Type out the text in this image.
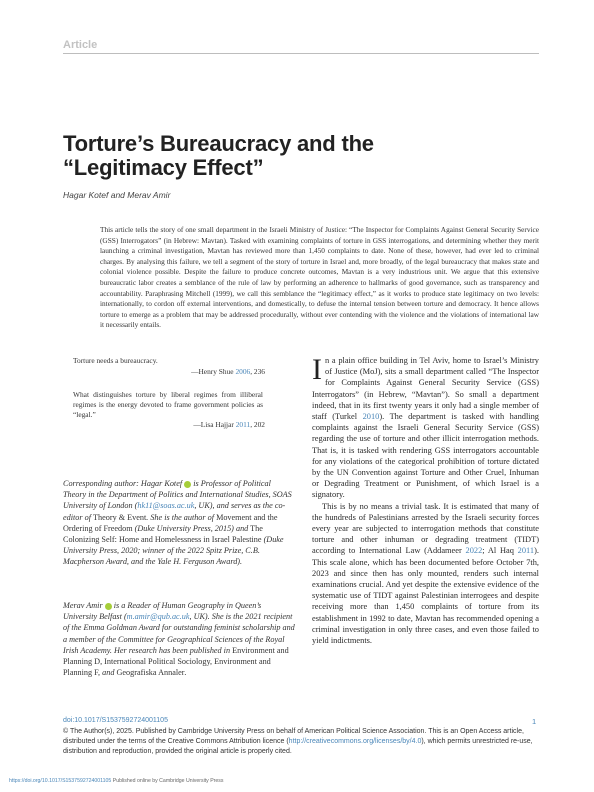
Article
Torture’s Bureaucracy and the “Legitimacy Effect”
Hagar Kotef and Merav Amir
This article tells the story of one small department in the Israeli Ministry of Justice: “The Inspector for Complaints Against General Security Service (GSS) Interrogators” (in Hebrew: Mavtan). Tasked with examining complaints of torture in GSS interrogations, and determining whether they merit launching a criminal investigation, Mavtan has reviewed more than 1,450 complaints to date. None of these, however, had ever led to criminal charges. By analysing this failure, we tell a segment of the story of torture in Israel and, more broadly, of the legal bureaucracy that makes state and colonial violence possible. Despite the failure to produce concrete outcomes, Mavtan is a very industrious unit. We argue that this extensive bureaucratic labor creates a semblance of the rule of law by performing an adherence to hallmarks of good governance, such as transparency and accountability. Paraphrasing Mitchell (1999), we call this semblance the “legitimacy effect,” as it works to produce state legitimacy on two levels: internationally, to cordon off external interventions, and domestically, to defuse the internal tension between torture and democracy. It hence allows torture to emerge as a problem that may be addressed procedurally, without ever contending with the violence and the violations of international law it necessarily entails.
Torture needs a bureaucracy.
—Henry Shue 2006, 236
What distinguishes torture by liberal regimes from illiberal regimes is the energy devoted to frame government policies as “legal.”
—Lisa Hajjar 2011, 202
Corresponding author: Hagar Kotef  is Professor of Political Theory in the Department of Politics and International Studies, SOAS University of London (hk11@soas.ac.uk, UK), and serves as the co-editor of Theory & Event. She is the author of Movement and the Ordering of Freedom (Duke University Press, 2015) and The Colonizing Self: Home and Homelessness in Israel Palestine (Duke University Press, 2020; winner of the 2022 Spitz Prize, C.B. Macpherson Award, and the Yale H. Ferguson Award).
Merav Amir  is a Reader of Human Geography in Queen’s University Belfast (m.amir@qub.ac.uk, UK). She is the 2021 recipient of the Emma Goldman Award for outstanding feminist scholarship and a member of the Committee for Geographical Sciences of the Royal Irish Academy. Her research has been published in Environment and Planning D, International Political Sociology, Environment and Planning F, and Geografiska Annaler.

In a plain office building in Tel Aviv, home to Israel’s Ministry of Justice (MoJ), sits a small department called “The Inspector for Complaints Against General Security Service (GSS) Interrogators” (in Hebrew, “Mavtan”). So small a department indeed, that in its first twenty years it only had a single member of staff (Turkel 2010). The department is tasked with handling complaints against the Israeli General Security Service (GSS) regarding the use of torture and other illicit interrogation methods. That is, it is tasked with rendering GSS interrogators accountable for any violations of the categorical prohibition of torture dictated by the UN Convention against Torture and Other Cruel, Inhuman or Degrading Treatment or Punishment, of which Israel is a signatory.

This is by no means a trivial task. It is estimated that many of the hundreds of Palestinians arrested by the Israeli security forces every year are subjected to interrogation methods that constitute torture and other inhuman or degrading treatment (TIDT) according to International Law (Addameer 2022; Al Haq 2011). This scale alone, which has been documented before October 7th, 2023 and since then has only mounted, renders such internal examinations crucial. And yet despite the extensive evidence of the systematic use of TIDT against Palestinian interrogees and despite receiving more than 1,450 complaints of torture from its establishment in 1992 to date, Mavtan has recommended opening a criminal investigation in only three cases, and even those failed to yield indictments.

doi:10.1017/S1537592724001105	1
© The Author(s), 2025. Published by Cambridge University Press on behalf of American Political Science Association. This is an Open Access article, distributed under the terms of the Creative Commons Attribution licence (http://creativecommons.org/licenses/by/4.0), which permits unrestricted re-use, distribution and reproduction, provided the original article is properly cited.
https://doi.org/10.1017/S1537592724001105 Published online by Cambridge University Press
